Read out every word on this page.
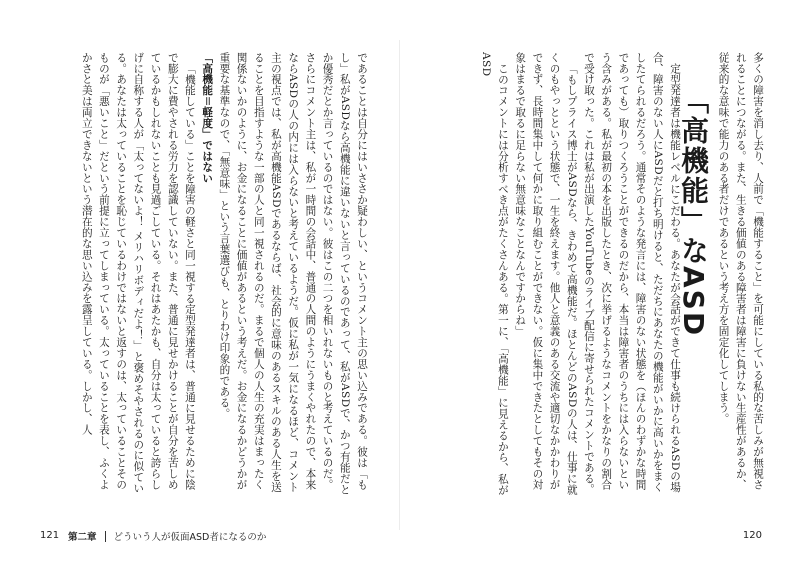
多くの障害を消し去り、人前で「機能すること」を可能にしている私的な苦しみが無視されることにつながる。また、生きる価値のある障害者は障害に負けない生産性があるか、従来的な意味で能力のある者だけであるという考え方を固定化してしまう。

「高機能」なASD

定型発達者は機能レベルにこだわる。あなたが会話ができて仕事も続けられるASDの場合、障害のない人にASDだと打ち明けると、ただちにあなたの機能がいかに高いかをまくしたてられるだろう。通常そのような発言には、障害のない状態を（ほんのわずかな時間であっても）取りつくろうことができるのだから、本当は障害者のうちには入らないという含みがある。私が最初の本を出版したとき、次に挙げるようなコメントをかなりの割合で受け取った。これは私が出演したYouTubeのライブ配信に寄せられたコメントである。

「もしプライス博士がASDなら、きわめて高機能だ。ほとんどのASDの人は、仕事に就くのもやっとという状態で、一生を終えます。他人と意義のある交流や適切なかかわりができず、長時間集中して何かに取り組むことができない。仮に集中できたとしてもその対象はまるで取るに足らない無意味なことなんですからね」

このコメントには分析すべき点がたくさんある。第一に、「高機能」に見えるから、私がASD

であることは自分にはいささか疑わしい、というコメント主の思い込みである。彼は「もし」私がASDなら高機能に違いないと言っているのであって、私がASDで、かつ有能だとか優秀だとか言っているのではない。彼はこの二つを相いれないものと考えているのだ。さらにコメント主は、私が一時間の会話中、普通の人間のようにうまくやれたので、本来ならASDの人の内には入らないと考えているようだ。仮に私が一気になるほど、コメント主の視点では、私が高機能ASDであるならば、社会的に意味のあるスキルのある人生を送ることを目指すような一部の人と同一視されるのだ。まるで個人の人生の充実はまったく関係ないかのように、お金になることに価値があるという考えだ。お金になるかどうかが重要な基準なので、「無意味」という言葉選びも、とりわけ印象的である。

「高機能＝軽度」ではない

「機能している」ことを障害の軽さと同一視する定型発達者は、普通に見せるために陰で膨大に費やされる労力を認識していない。また、普通に見せかけることが自分を苦しめているかもしれないことも見過ごしている。それはあたかも、自分は太っていると誇らしげに自称する人が「太ってないよ！ メリハリボディだよ！」と褒めそやされるのに似ている。あなたは太っていることを恥じているわけではないと返すのは、太っていることそのものが「悪いこと」だという前提に立ってしまっている。太っていることを表し、ふくよかさと美は両立できないという潜在的な思い込みを露呈している。しかし、人

120
121 第二章 どういう人が仮面ASD者になるのか
